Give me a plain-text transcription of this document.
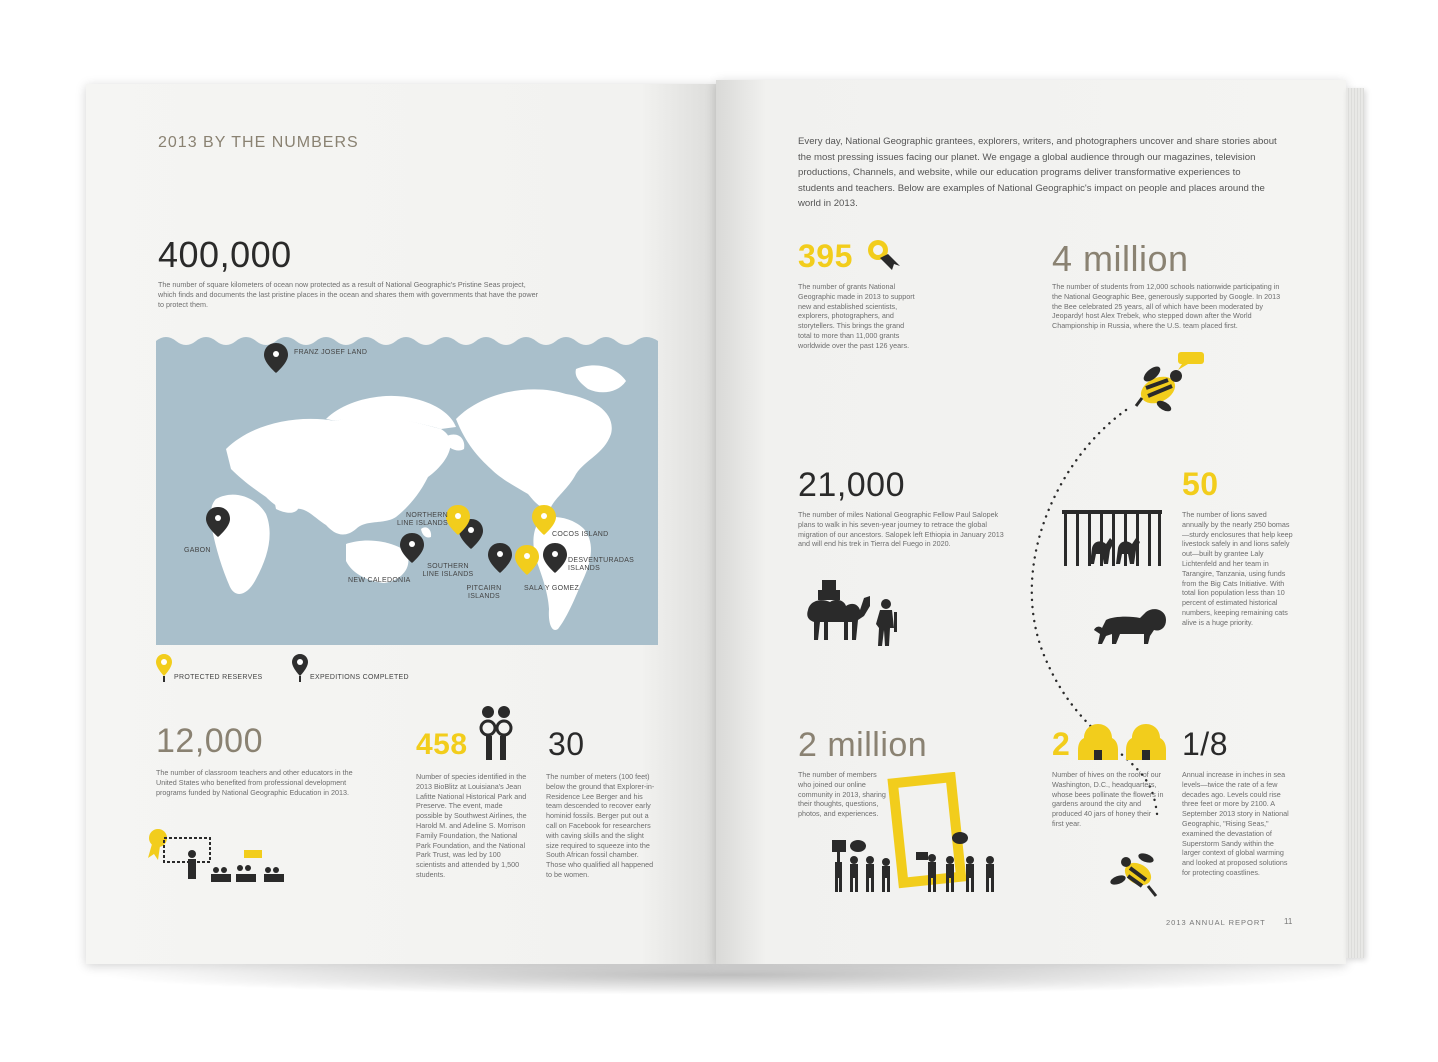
2013 BY THE NUMBERS
400,000
The number of square kilometers of ocean now protected as a result of National Geographic's Pristine Seas project, which finds and documents the last pristine places in the ocean and shares them with governments that have the power to protect them.
FRANZ JOSEF LAND
GABON
NORTHERN
LINE ISLANDS
NEW CALEDONIA
SOUTHERN
LINE ISLANDS
PITCAIRN
ISLANDS
SALA Y GOMEZ
COCOS ISLAND
DESVENTURADAS
ISLANDS
PROTECTED RESERVES	EXPEDITIONS COMPLETED
12,000
The number of classroom teachers and other educators in the United States who benefited from professional development programs funded by National Geographic Education in 2013.
458
Number of species identified in the 2013 BioBlitz at Louisiana's Jean Lafitte National Historical Park and Preserve. The event, made possible by Southwest Airlines, the Harold M. and Adeline S. Morrison Family Foundation, the National Park Foundation, and the National Park Trust, was led by 100 scientists and attended by 1,500 students.
30
The number of meters (100 feet) below the ground that Explorer-in-Residence Lee Berger and his team descended to recover early hominid fossils. Berger put out a call on Facebook for researchers with caving skills and the slight size required to squeeze into the South African fossil chamber. Those who qualified all happened to be women.
Every day, National Geographic grantees, explorers, writers, and photographers uncover and share stories about the most pressing issues facing our planet. We engage a global audience through our magazines, television productions, Channels, and website, while our education programs deliver transformative experiences to students and teachers. Below are examples of National Geographic's impact on people and places around the world in 2013.
395
The number of grants National Geographic made in 2013 to support new and established scientists, explorers, photographers, and storytellers. This brings the grand total to more than 11,000 grants worldwide over the past 126 years.
4 million
The number of students from 12,000 schools nationwide participating in the National Geographic Bee, generously supported by Google. In 2013 the Bee celebrated 25 years, all of which have been moderated by Jeopardy! host Alex Trebek, who stepped down after the World Championship in Russia, where the U.S. team placed first.
21,000
The number of miles National Geographic Fellow Paul Salopek plans to walk in his seven-year journey to retrace the global migration of our ancestors. Salopek left Ethiopia in January 2013 and will end his trek in Tierra del Fuego in 2020.
50
The number of lions saved annually by the nearly 250 bomas—sturdy enclosures that help keep livestock safely in and lions safely out—built by grantee Laly Lichtenfeld and her team in Tarangire, Tanzania, using funds from the Big Cats Initiative. With total lion population less than 10 percent of estimated historical numbers, keeping remaining cats alive is a huge priority.
2 million
The number of members who joined our online community in 2013, sharing their thoughts, questions, photos, and experiences.
2
Number of hives on the roof of our Washington, D.C., headquarters, whose bees pollinate the flowers in gardens around the city and produced 40 jars of honey their first year.
1/8
Annual increase in inches in sea levels—twice the rate of a few decades ago. Levels could rise three feet or more by 2100. A September 2013 story in National Geographic, "Rising Seas," examined the devastation of Superstorm Sandy within the larger context of global warming and looked at proposed solutions for protecting coastlines.
2013 ANNUAL REPORT 11
